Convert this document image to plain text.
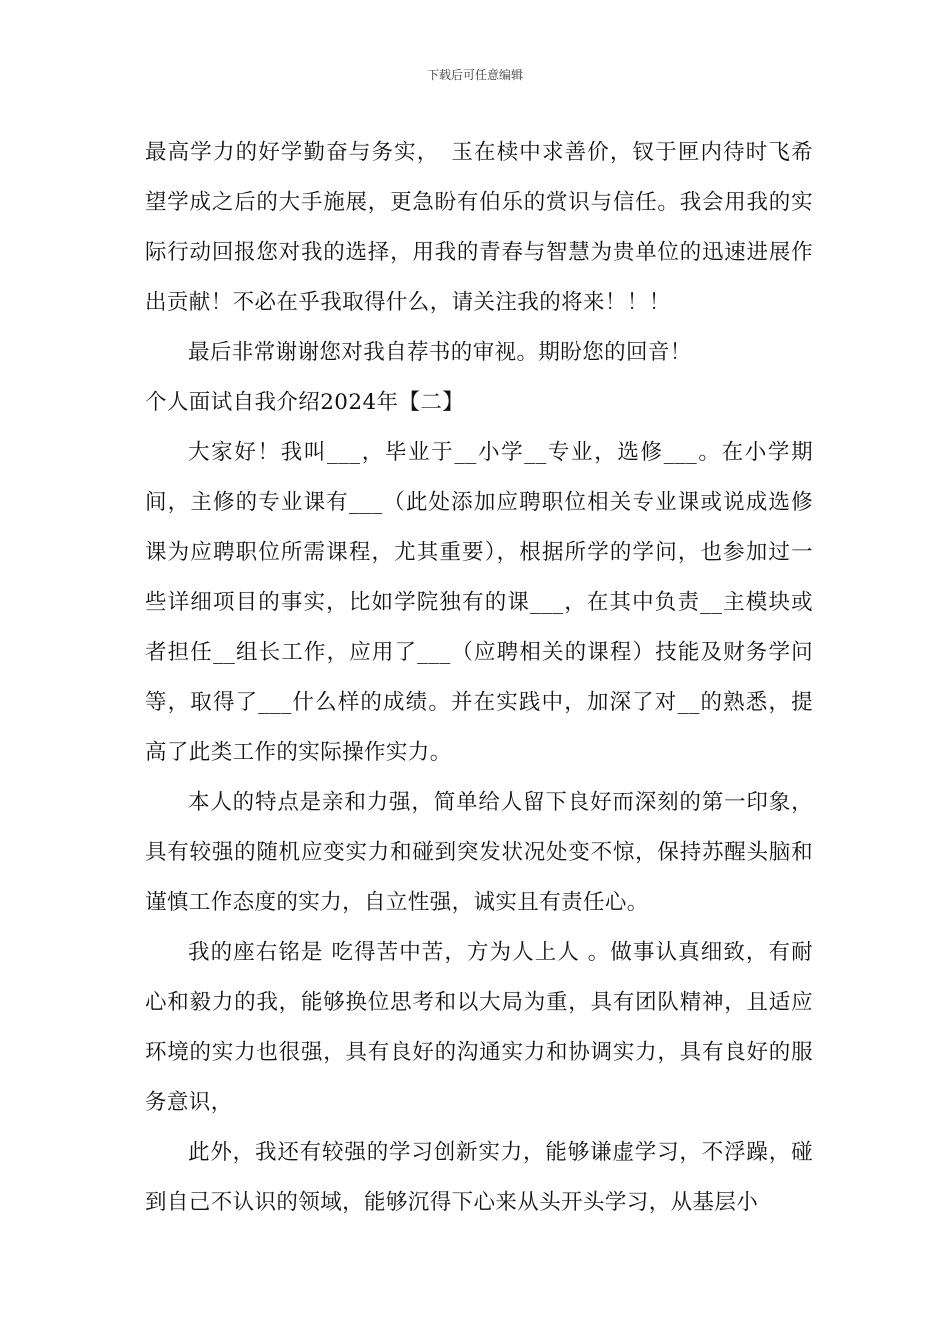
下载后可任意编辑

最高学力的好学勤奋与务实，　玉在椟中求善价，钗于匣内待时飞希望学成之后的大手施展，更急盼有伯乐的赏识与信任。我会用我的实际行动回报您对我的选择，用我的青春与智慧为贵单位的迅速进展作出贡献！不必在乎我取得什么，请关注我的将来！！！

最后非常谢谢您对我自荐书的审视。期盼您的回音！

个人面试自我介绍2024年【二】

大家好！我叫___，毕业于__小学__专业，选修___。在小学期间，主修的专业课有___（此处添加应聘职位相关专业课或说成选修课为应聘职位所需课程，尤其重要），根据所学的学问，也参加过一些详细项目的事实，比如学院独有的课___，在其中负责__主模块或者担任__组长工作，应用了___（应聘相关的课程）技能及财务学问等，取得了___什么样的成绩。并在实践中，加深了对__的熟悉，提高了此类工作的实际操作实力。

本人的特点是亲和力强，简单给人留下良好而深刻的第一印象，具有较强的随机应变实力和碰到突发状况处变不惊，保持苏醒头脑和谨慎工作态度的实力，自立性强，诚实且有责任心。

我的座右铭是 吃得苦中苦，方为人上人 。做事认真细致，有耐心和毅力的我，能够换位思考和以大局为重，具有团队精神，且适应环境的实力也很强，具有良好的沟通实力和协调实力，具有良好的服务意识，

此外，我还有较强的学习创新实力，能够谦虚学习，不浮躁，碰到自己不认识的领域，能够沉得下心来从头开头学习，从基层小
